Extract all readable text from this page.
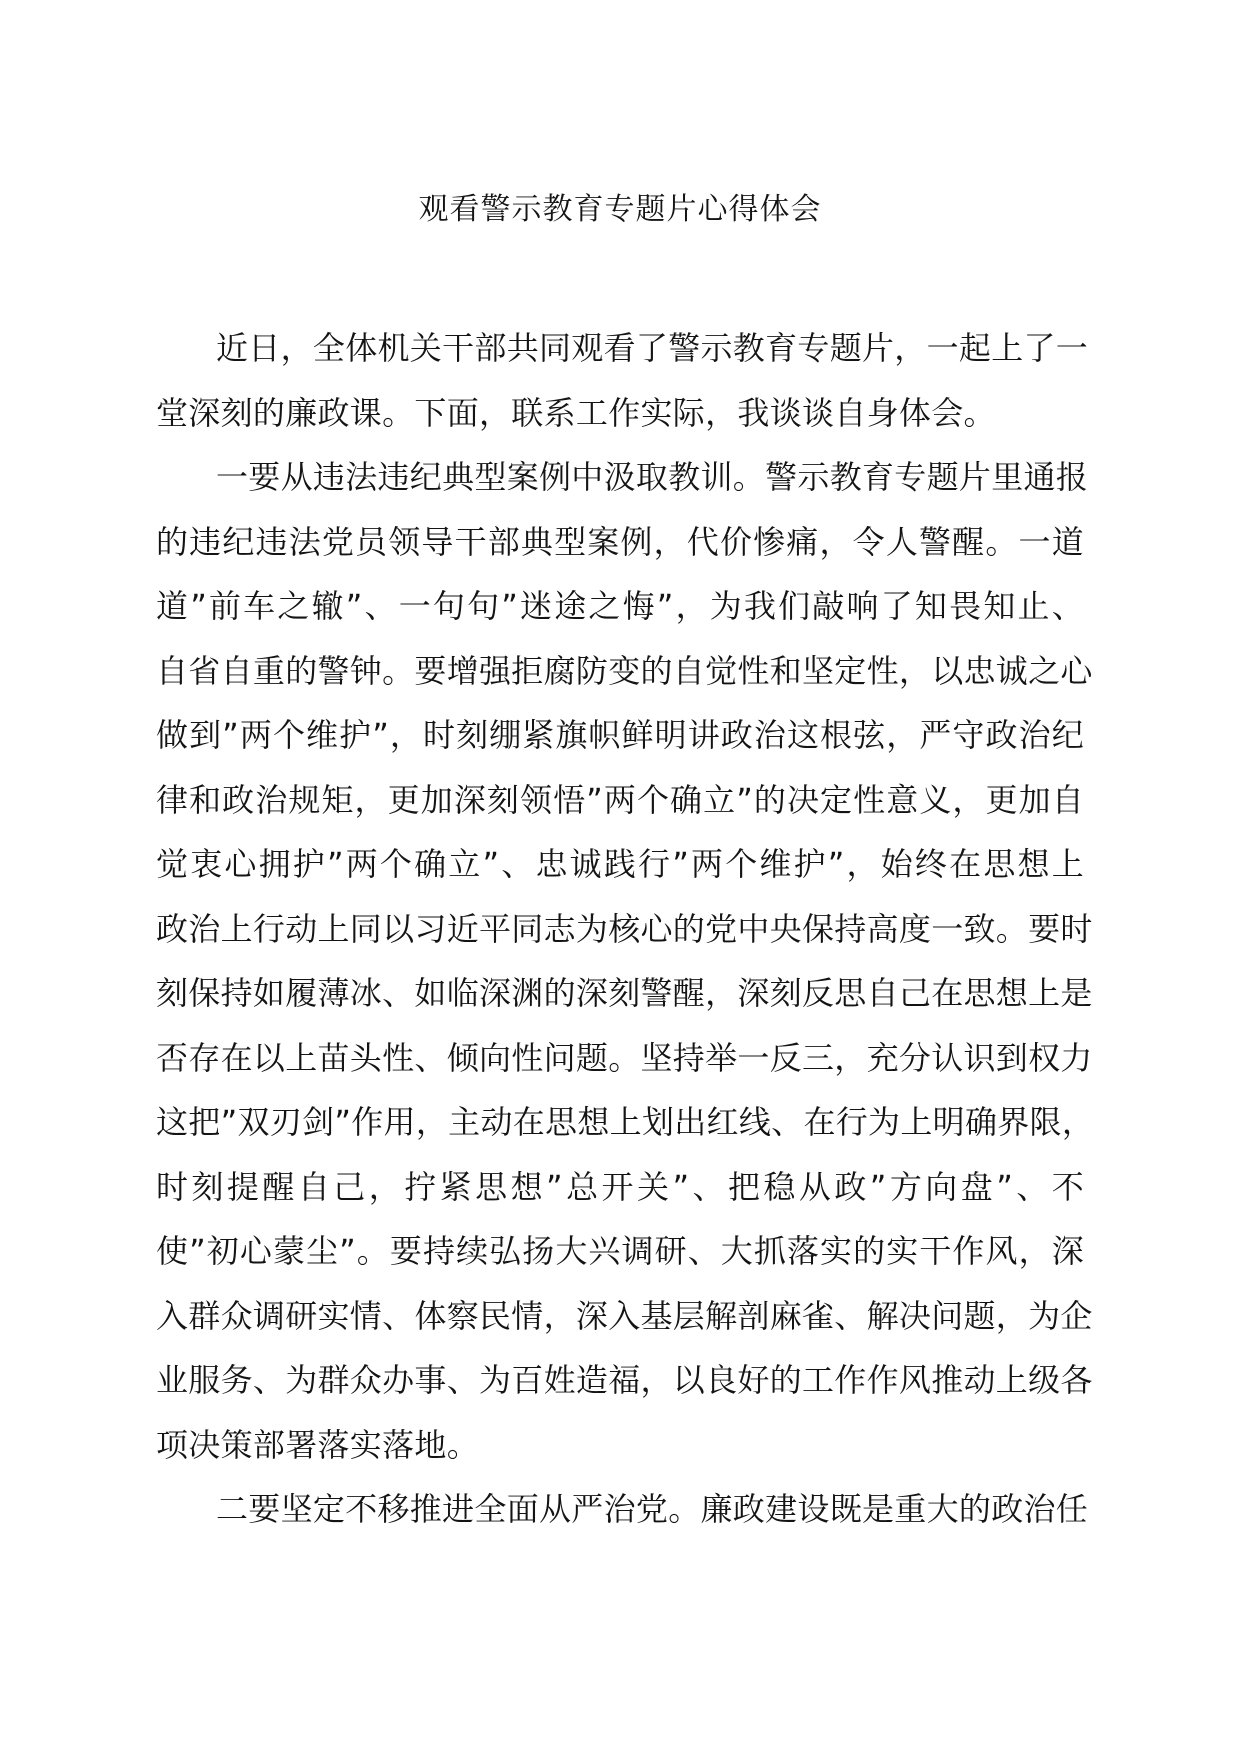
观看警示教育专题片心得体会

近日，全体机关干部共同观看了警示教育专题片，一起上了一
堂深刻的廉政课。下面，联系工作实际，我谈谈自身体会。

一要从违法违纪典型案例中汲取教训。警示教育专题片里通报
的违纪违法党员领导干部典型案例，代价惨痛，令人警醒。一道
道”前车之辙”、一句句”迷途之悔”，为我们敲响了知畏知止、
自省自重的警钟。要增强拒腐防变的自觉性和坚定性，以忠诚之心
做到”两个维护”，时刻绷紧旗帜鲜明讲政治这根弦，严守政治纪
律和政治规矩，更加深刻领悟”两个确立”的决定性意义，更加自
觉衷心拥护”两个确立”、忠诚践行”两个维护”，始终在思想上
政治上行动上同以习近平同志为核心的党中央保持高度一致。要时
刻保持如履薄冰、如临深渊的深刻警醒，深刻反思自己在思想上是
否存在以上苗头性、倾向性问题。坚持举一反三，充分认识到权力
这把”双刃剑”作用，主动在思想上划出红线、在行为上明确界限，
时刻提醒自己，拧紧思想”总开关”、把稳从政”方向盘”、不
使”初心蒙尘”。要持续弘扬大兴调研、大抓落实的实干作风，深
入群众调研实情、体察民情，深入基层解剖麻雀、解决问题，为企
业服务、为群众办事、为百姓造福，以良好的工作作风推动上级各
项决策部署落实落地。

二要坚定不移推进全面从严治党。廉政建设既是重大的政治任
